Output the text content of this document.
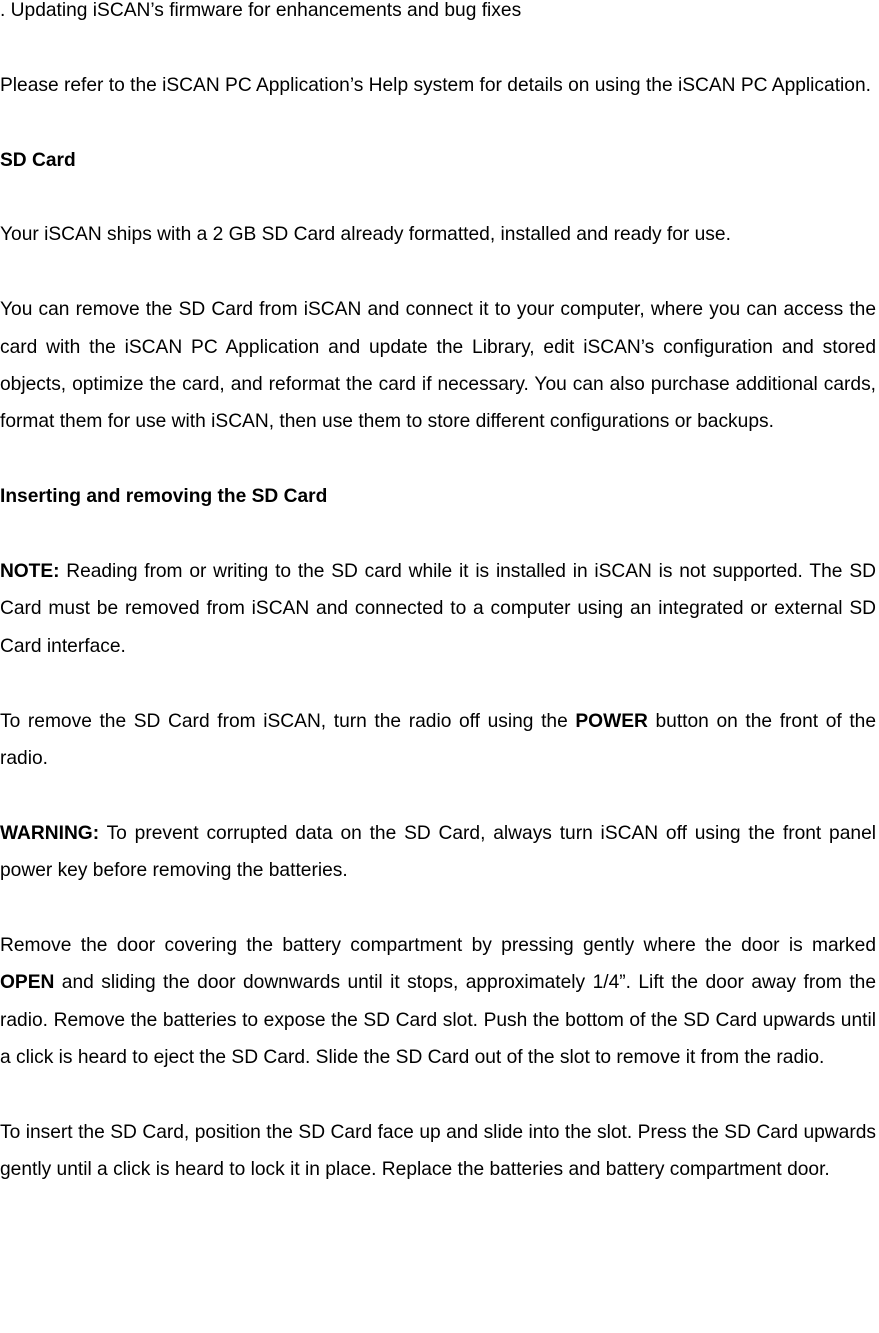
. Updating iSCAN’s firmware for enhancements and bug fixes

Please refer to the iSCAN PC Application’s Help system for details on using the iSCAN PC Application.

SD Card

Your iSCAN ships with a 2 GB SD Card already formatted, installed and ready for use.

You can remove the SD Card from iSCAN and connect it to your computer, where you can access the card with the iSCAN PC Application and update the Library, edit iSCAN’s configuration and stored objects, optimize the card, and reformat the card if necessary. You can also purchase additional cards, format them for use with iSCAN, then use them to store different configurations or backups.

Inserting and removing the SD Card

NOTE: Reading from or writing to the SD card while it is installed in iSCAN is not supported. The SD Card must be removed from iSCAN and connected to a computer using an integrated or external SD Card interface.

To remove the SD Card from iSCAN, turn the radio off using the POWER button on the front of the radio.

WARNING: To prevent corrupted data on the SD Card, always turn iSCAN off using the front panel power key before removing the batteries.

Remove the door covering the battery compartment by pressing gently where the door is marked OPEN and sliding the door downwards until it stops, approximately 1/4”. Lift the door away from the radio. Remove the batteries to expose the SD Card slot. Push the bottom of the SD Card upwards until a click is heard to eject the SD Card. Slide the SD Card out of the slot to remove it from the radio.

To insert the SD Card, position the SD Card face up and slide into the slot. Press the SD Card upwards gently until a click is heard to lock it in place. Replace the batteries and battery compartment door.
